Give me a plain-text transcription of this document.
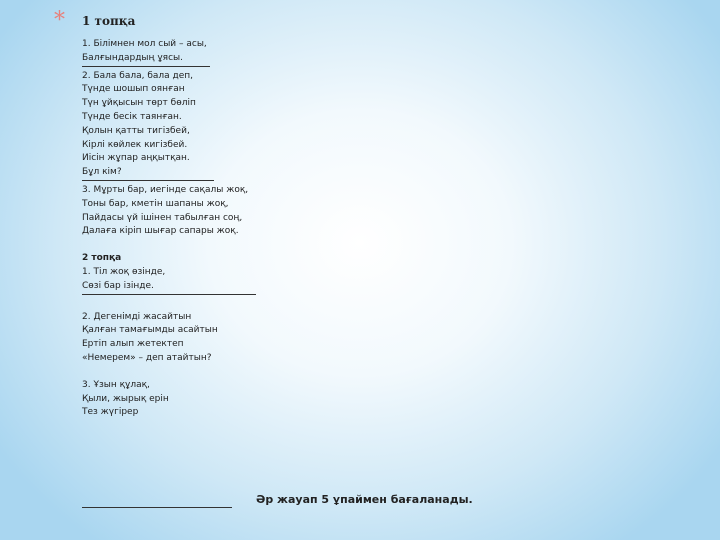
* 1 топқа
1. Білімнен мол сый – асы,
Балғындардың ұясы.
2. Бала бала, бала деп,
Түнде шошып оянған
Түн ұйқысын төрт бөліп
Түнде бесік таянған.
Қолын қатты тигізбей,
Кірлі көйлек кигізбей.
Иісін жұпар аңқытқан.
Бұл кім?
3. Мұрты бар, иегінде сақалы жоқ,
Тоны бар, кметін шапаны жоқ,
Пайдасы үй ішінен табылған соң,
Далаға кіріп шығар сапары жоқ.
2 топқа
1. Тіл жоқ өзінде,
Сөзі бар ізінде.
2. Дегенімді жасайтын
Қалған тамағымды асайтын
Ертіп алып жетектеп
«Немерем» – деп атайтын?
3. Ұзын құлақ,
Қыли, жырық ерін
Тез жүгірер
Әр жауап 5 ұпаймен бағаланады.
